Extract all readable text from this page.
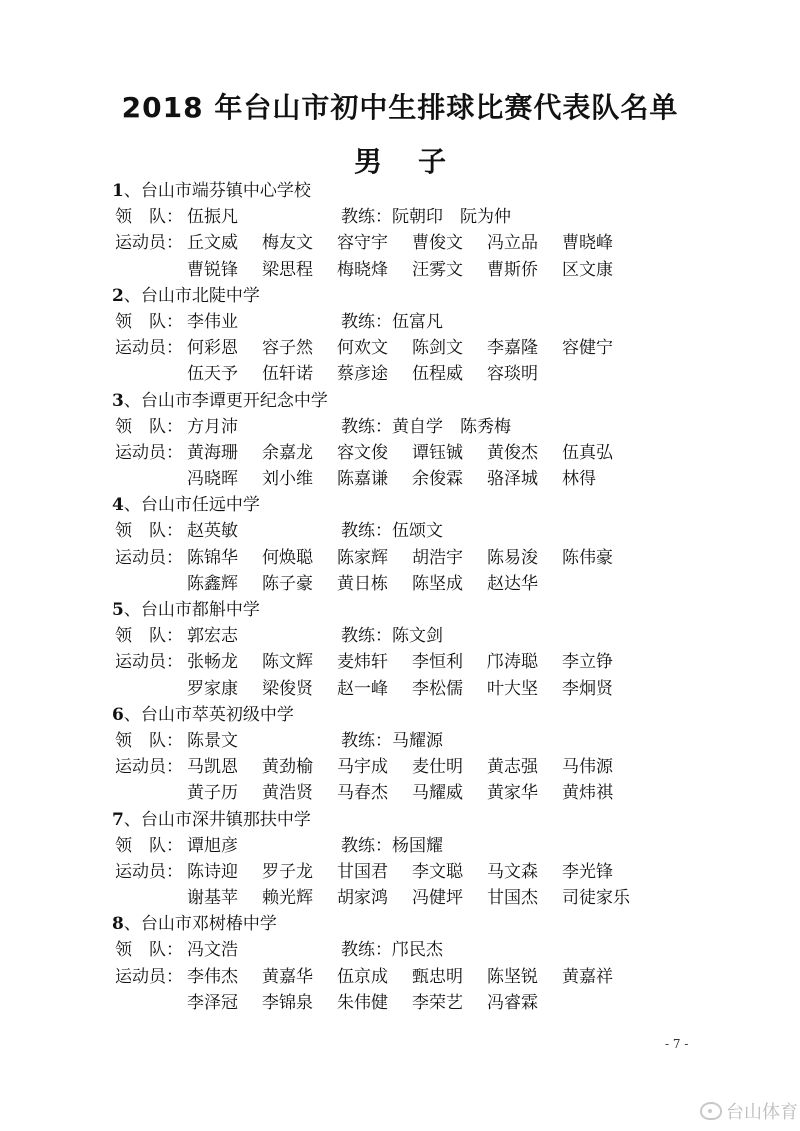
2018 年台山市初中生排球比赛代表队名单
男 子
1、台山市端芬镇中心学校
领　队： 伍振凡	教练：阮朝印　阮为仲
运动员： 丘文威 梅友文 容守宇 曹俊文 冯立品 曹晓峰
曹锐锋 梁思程 梅晓烽 汪雾文 曹斯侨 区文康
2、台山市北陡中学
领　队： 李伟业	教练：伍富凡
运动员： 何彩恩 容子然 何欢文 陈剑文 李嘉隆 容健宁
伍天予 伍轩诺 蔡彦途 伍程威 容琰明
3、台山市李谭更开纪念中学
领　队： 方月沛	教练：黄自学　陈秀梅
运动员： 黄海珊 余嘉龙 容文俊 谭钰铖 黄俊杰 伍真弘
冯晓晖 刘小维 陈嘉谦 余俊霖 骆泽城 林得
4、台山市任远中学
领　队： 赵英敏	教练：伍颂文
运动员： 陈锦华 何焕聪 陈家辉 胡浩宇 陈易浚 陈伟豪
陈鑫辉 陈子豪 黄日栋 陈坚成 赵达华
5、台山市都斛中学
领　队： 郭宏志	教练：陈文剑
运动员： 张畅龙 陈文辉 麦炜轩 李恒利 邝涛聪 李立铮
罗家康 梁俊贤 赵一峰 李松儒 叶大坚 李炯贤
6、台山市萃英初级中学
领　队： 陈景文	教练：马耀源
运动员： 马凯恩 黄劲榆 马宇成 麦仕明 黄志强 马伟源
黄子历 黄浩贤 马春杰 马耀威 黄家华 黄炜祺
7、台山市深井镇那扶中学
领　队： 谭旭彦	教练：杨国耀
运动员： 陈诗迎 罗子龙 甘国君 李文聪 马文森 李光锋
谢基苹 赖光辉 胡家鸿 冯健坪 甘国杰 司徒家乐
8、台山市邓树椿中学
领　队： 冯文浩	教练：邝民杰
运动员： 李伟杰 黄嘉华 伍京成 甄忠明 陈坚锐 黄嘉祥
李泽冠 李锦泉 朱伟健 李荣艺 冯睿霖
- 7 -
台山体育
